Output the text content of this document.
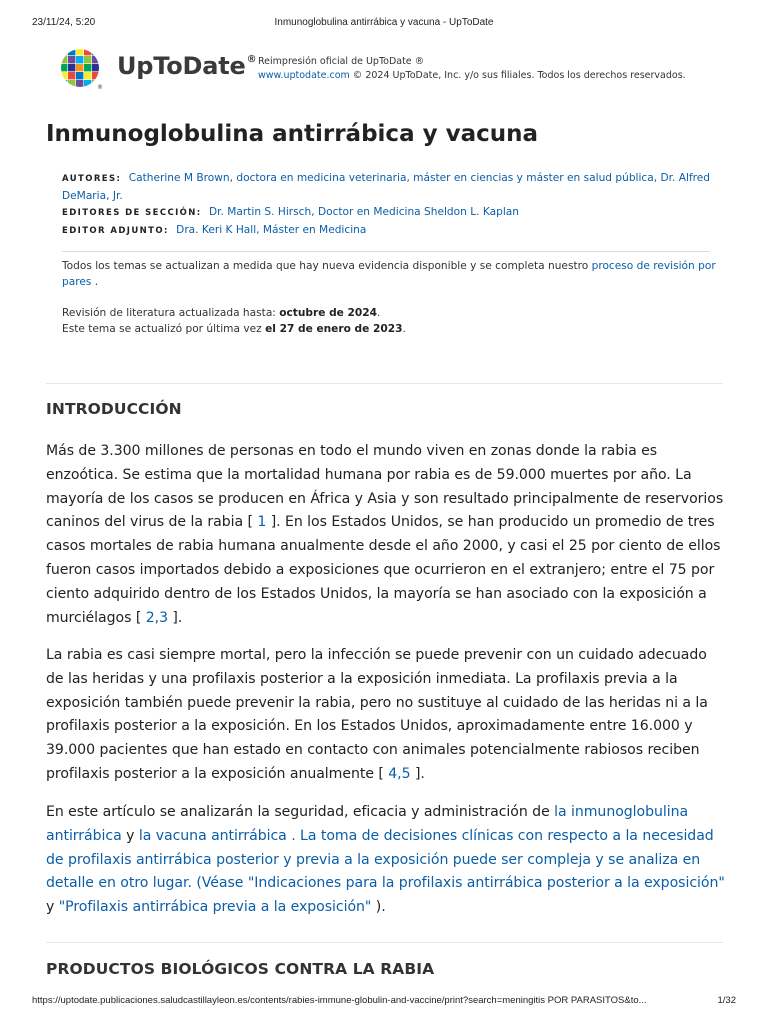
23/11/24, 5:20	Inmunoglobulina antirrábica y vacuna - UpToDate
®
UpToDate® Reimpresión oficial de UpToDate ®
www.uptodate.com © 2024 UpToDate, Inc. y/o sus filiales. Todos los derechos reservados.
Inmunoglobulina antirrábica y vacuna
AUTORES: Catherine M Brown, doctora en medicina veterinaria, máster en ciencias y máster en salud pública, Dr. Alfred DeMaria, Jr.
EDITORES DE SECCIÓN: Dr. Martin S. Hirsch, Doctor en Medicina Sheldon L. Kaplan
EDITOR ADJUNTO: Dra. Keri K Hall, Máster en Medicina
Todos los temas se actualizan a medida que hay nueva evidencia disponible y se completa nuestro proceso de revisión por pares .
Revisión de literatura actualizada hasta: octubre de 2024.
Este tema se actualizó por última vez el 27 de enero de 2023.
INTRODUCCIÓN

Más de 3.300 millones de personas en todo el mundo viven en zonas donde la rabia es enzoótica. Se estima que la mortalidad humana por rabia es de 59.000 muertes por año. La mayoría de los casos se producen en África y Asia y son resultado principalmente de reservorios caninos del virus de la rabia [ 1 ]. En los Estados Unidos, se han producido un promedio de tres casos mortales de rabia humana anualmente desde el año 2000, y casi el 25 por ciento de ellos fueron casos importados debido a exposiciones que ocurrieron en el extranjero; entre el 75 por ciento adquirido dentro de los Estados Unidos, la mayoría se han asociado con la exposición a murciélagos [ 2,3 ].

La rabia es casi siempre mortal, pero la infección se puede prevenir con un cuidado adecuado de las heridas y una profilaxis posterior a la exposición inmediata. La profilaxis previa a la exposición también puede prevenir la rabia, pero no sustituye al cuidado de las heridas ni a la profilaxis posterior a la exposición. En los Estados Unidos, aproximadamente entre 16.000 y 39.000 pacientes que han estado en contacto con animales potencialmente rabiosos reciben profilaxis posterior a la exposición anualmente [ 4,5 ].

En este artículo se analizarán la seguridad, eficacia y administración de la inmunoglobulina antirrábica y la vacuna antirrábica . La toma de decisiones clínicas con respecto a la necesidad de profilaxis antirrábica posterior y previa a la exposición puede ser compleja y se analiza en detalle en otro lugar. (Véase "Indicaciones para la profilaxis antirrábica posterior a la exposición" y "Profilaxis antirrábica previa a la exposición" ).

PRODUCTOS BIOLÓGICOS CONTRA LA RABIA
https://uptodate.publicaciones.saludcastillayleon.es/contents/rabies-immune-globulin-and-vaccine/print?search=meningitis POR PARASITOS&to...	1/32
